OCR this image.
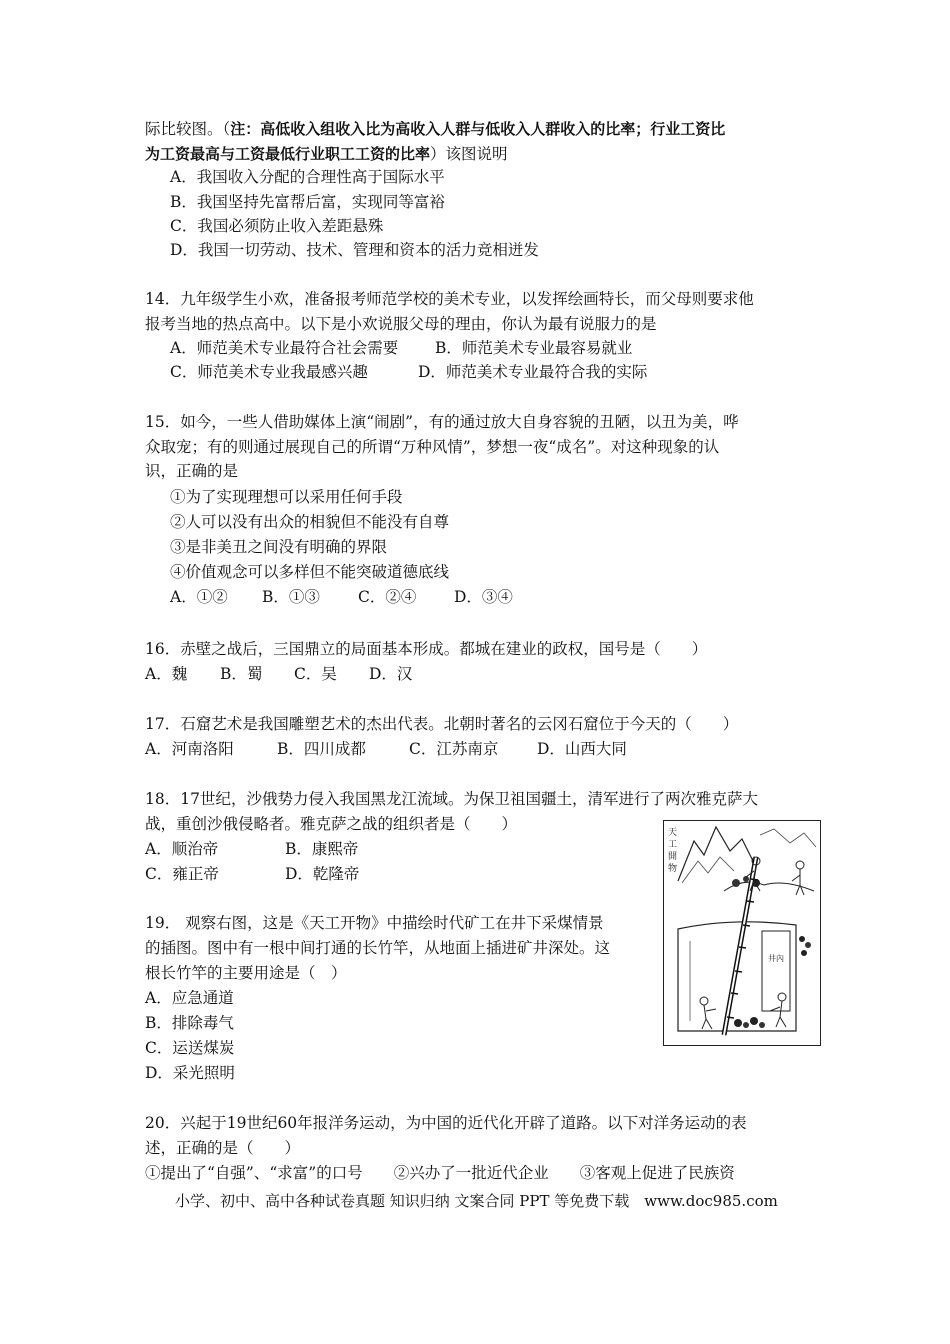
际比较图。（注：高低收入组收入比为高收入人群与低收入人群收入的比率；行业工资比
为工资最高与工资最低行业职工工资的比率）该图说明
A．我国收入分配的合理性高于国际水平
B．我国坚持先富帮后富，实现同等富裕
C．我国必须防止收入差距悬殊
D．我国一切劳动、技术、管理和资本的活力竞相迸发
14．九年级学生小欢，准备报考师范学校的美术专业，以发挥绘画特长，而父母则要求他
报考当地的热点高中。以下是小欢说服父母的理由，你认为最有说服力的是
A．师范美术专业最符合社会需要 B．师范美术专业最容易就业
C．师范美术专业我最感兴趣	D．师范美术专业最符合我的实际
15．如今，一些人借助媒体上演“闹剧”，有的通过放大自身容貌的丑陋，以丑为美，哗
众取宠；有的则通过展现自己的所谓“万种风情”，梦想一夜“成名”。对这种现象的认
识，正确的是
①为了实现理想可以采用任何手段
②人可以没有出众的相貌但不能没有自尊
③是非美丑之间没有明确的界限
④价值观念可以多样但不能突破道德底线
A．①② B．①③ C．②④ D．③④
16．赤壁之战后，三国鼎立的局面基本形成。都城在建业的政权，国号是（　　）
A．魏 B．蜀 C．吴 D．汉
17．石窟艺术是我国雕塑艺术的杰出代表。北朝时著名的云冈石窟位于今天的（　　）
A．河南洛阳	B．四川成都	C．江苏南京 D．山西大同
18．17世纪，沙俄势力侵入我国黑龙江流域。为保卫祖国疆土，清军进行了两次雅克萨大
战，重创沙俄侵略者。雅克萨之战的组织者是（　　）
A．顺治帝	B．康熙帝
C．雍正帝	D．乾隆帝
19． 观察右图，这是《天工开物》中描绘时代矿工在井下采煤情景
的插图。图中有一根中间打通的长竹竿，从地面上插进矿井深处。这
根长竹竿的主要用途是（　）
A．应急通道
B．排除毒气
C．运送煤炭
D．采光照明
天
工
開
物
井內
20．兴起于19世纪60年报洋务运动，为中国的近代化开辟了道路。以下对洋务运动的表
述，正确的是（　　）
①提出了“自强”、“求富”的口号　　②兴办了一批近代企业　　③客观上促进了民族资
小学、初中、高中各种试卷真题 知识归纳 文案合同 PPT 等免费下载　www.doc985.com
